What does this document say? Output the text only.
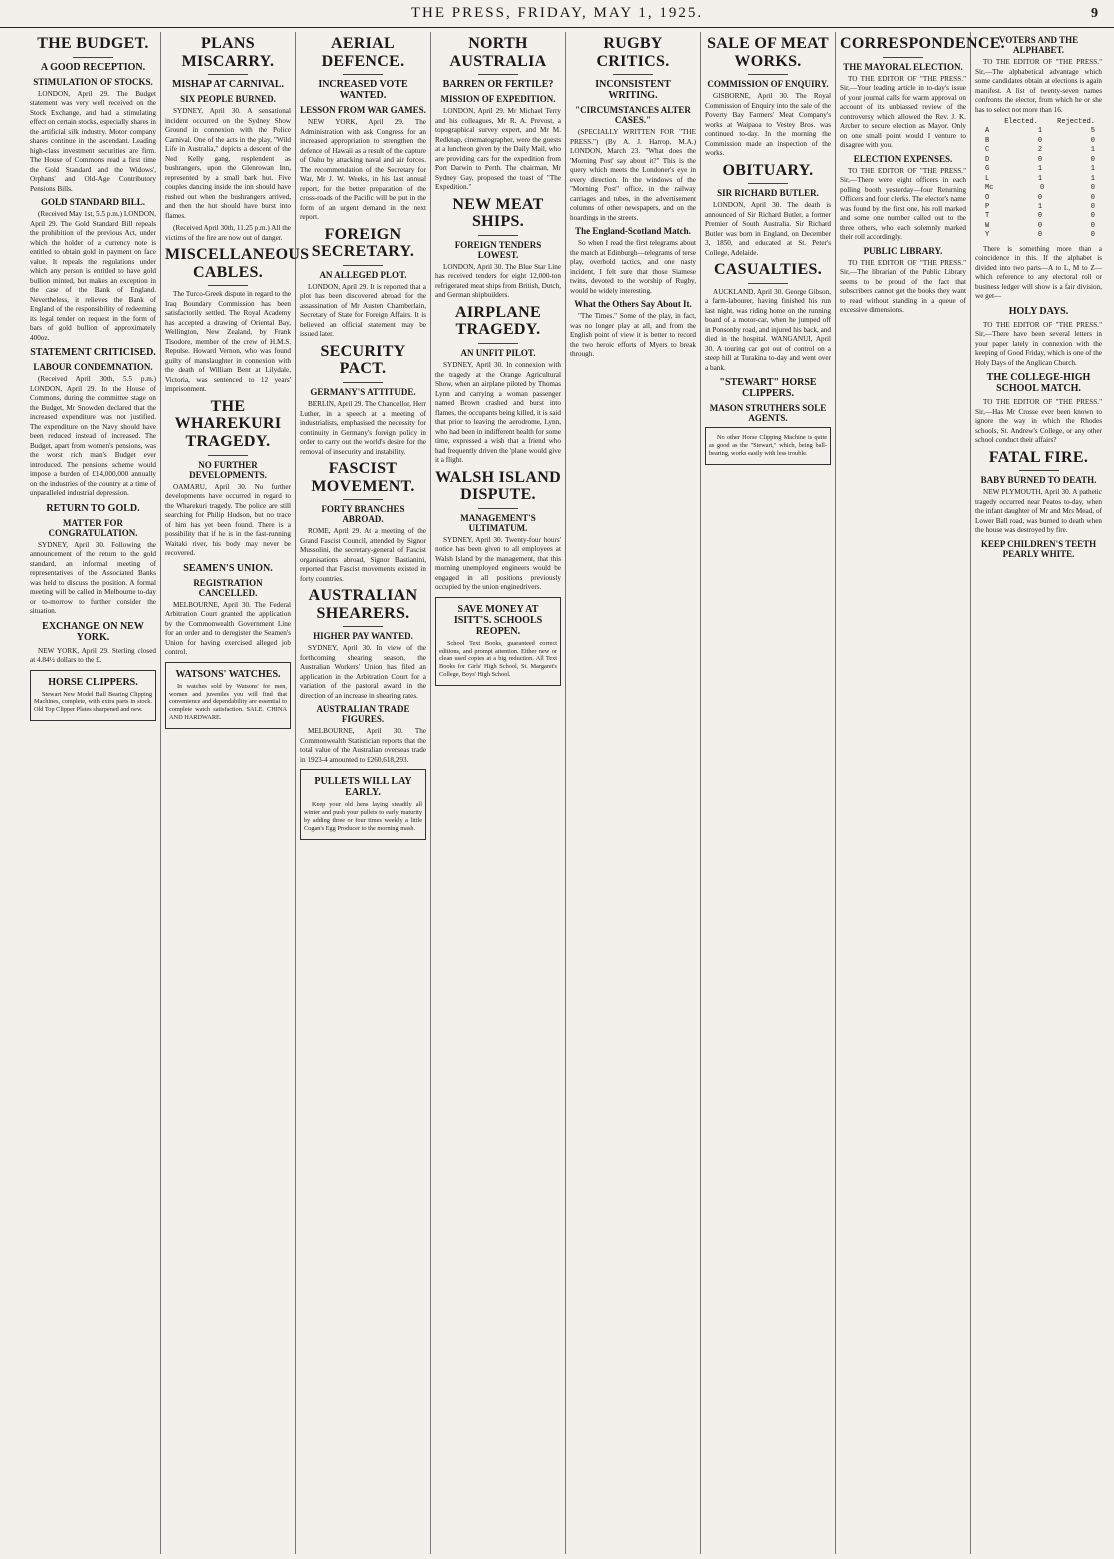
THE PRESS, FRIDAY, MAY 1, 1925.	9
THE BUDGET.
A GOOD RECEPTION.
STIMULATION OF STOCKS.

LONDON, April 29. The Budget statement was very well received on the Stock Exchange, and had a stimulating effect on certain stocks, especially shares in the artificial silk industry. Motor company shares continue in the ascendant. Leading high-class investment securities are firm. The House of Commons read a first time the Gold Standard and the Widows', Orphans' and Old-Age Contributory Pensions Bills.

GOLD STANDARD BILL.

(Received May 1st, 5.5 p.m.) LONDON, April 29. The Gold Standard Bill repeals the prohibition of the previous Act, under which the holder of a currency note is entitled to obtain gold in payment on face value. It repeals the regulations under which any person is entitled to have gold bullion minted, but makes an exception in the case of the Bank of England. Nevertheless, it relieves the Bank of England of the responsibility of redeeming its legal tender on request in the form of bars of gold bullion of approximately 400oz.

STATEMENT CRITICISED.
LABOUR CONDEMNATION.

(Received April 30th, 5.5 p.m.) LONDON, April 29. In the House of Commons, during the committee stage on the Budget, Mr Snowden declared that the increased expenditure was not justified. The expenditure on the Navy should have been reduced instead of increased. The Budget, apart from women's pensions, was the worst rich man's Budget ever introduced. The pensions scheme would impose a burden of £14,000,000 annually on the industries of the country at a time of unparalleled industrial depression.

RETURN TO GOLD.
MATTER FOR CONGRATULATION.

SYDNEY, April 30. Following the announcement of the return to the gold standard, an informal meeting of representatives of the Associated Banks was held to discuss the position. A formal meeting will be called in Melbourne to-day or to-morrow to further consider the situation.

EXCHANGE ON NEW YORK.

NEW YORK, April 29. Sterling closed at 4.84½ dollars to the £.

HORSE CLIPPERS.

Stewart New Model Ball Bearing Clipping Machines, complete, with extra parts in stock. Old Top Clipper Plates sharpened and new.

PLANS MISCARRY.
MISHAP AT CARNIVAL.
SIX PEOPLE BURNED.

SYDNEY, April 30. A sensational incident occurred on the Sydney Show Ground in connexion with the Police Carnival. One of the acts in the play, "Wild Life in Australia," depicts a descent of the Ned Kelly gang, resplendent as bushrangers, upon the Glenrowan Inn, represented by a small bark hut. Five couples dancing inside the inn should have rushed out when the bushrangers arrived, and then the hut should have burst into flames.

(Received April 30th, 11.25 p.m.) All the victims of the fire are now out of danger.

MISCELLANEOUS CABLES.

The Turco-Greek dispute in regard to the Iraq Boundary Commission has been satisfactorily settled. The Royal Academy has accepted a drawing of Oriental Bay, Wellington, New Zealand, by Frank Tisodore, member of the crew of H.M.S. Repulse. Howard Vernon, who was found guilty of manslaughter in connexion with the death of William Bent at Lilydale, Victoria, was sentenced to 12 years' imprisonment.

THE WHAREKURI TRAGEDY.
NO FURTHER DEVELOPMENTS.

OAMARU, April 30. No further developments have occurred in regard to the Wharekuri tragedy. The police are still searching for Philip Hudson, but no trace of him has yet been found. There is a possibility that if he is in the fast-running Waitaki river, his body may never be recovered.

SEAMEN'S UNION.
REGISTRATION CANCELLED.

MELBOURNE, April 30. The Federal Arbitration Court granted the application by the Commonwealth Government Line for an order and to deregister the Seamen's Union for having exercised alleged job control.

WATSONS' WATCHES.

In watches sold by Watsons' for men, women and juveniles you will find that convenience and dependability are essential to complete watch satisfaction. SALE. CHINA AND HARDWARE.

AERIAL DEFENCE.
INCREASED VOTE WANTED.
LESSON FROM WAR GAMES.

NEW YORK, April 29. The Administration with ask Congress for an increased appropriation to strengthen the defence of Hawaii as a result of the capture of Oahu by attacking naval and air forces. The recommendation of the Secretary for War, Mr J. W. Weeks, in his last annual report, for the better preparation of the cross-roads of the Pacific will be put in the form of an urgent demand in the next report.

FOREIGN SECRETARY.
AN ALLEGED PLOT.

LONDON, April 29. It is reported that a plot has been discovered abroad for the assassination of Mr Austen Chamberlain, Secretary of State for Foreign Affairs. It is believed an official statement may be issued later.

SECURITY PACT.
GERMANY'S ATTITUDE.

BERLIN, April 29. The Chancellor, Herr Luther, in a speech at a meeting of industrialists, emphasised the necessity for continuity in Germany's foreign policy in order to carry out the world's desire for the removal of insecurity and instability.

FASCIST MOVEMENT.
FORTY BRANCHES ABROAD.

ROME, April 29. At a meeting of the Grand Fascist Council, attended by Signor Mussolini, the secretary-general of Fascist organisations abroad, Signor Bastianini, reported that Fascist movements existed in forty countries.

AUSTRALIAN SHEARERS.
HIGHER PAY WANTED.

SYDNEY, April 30. In view of the forthcoming shearing season, the Australian Workers' Union has filed an application in the Arbitration Court for a variation of the pastoral award in the direction of an increase in shearing rates.

AUSTRALIAN TRADE FIGURES.

MELBOURNE, April 30. The Commonwealth Statistician reports that the total value of the Australian overseas trade in 1923-4 amounted to £260,618,293.

PULLETS WILL LAY EARLY.

Keep your old hens laying steadily all winter and push your pullets to early maturity by adding three or four times weekly a little Cogan's Egg Producer to the morning mash.

NORTH AUSTRALIA
BARREN OR FERTILE?
MISSION OF EXPEDITION.

LONDON, April 29. Mr Michael Terry and his colleagues, Mr R. A. Prevost, a topographical survey expert, and Mr M. Redknap, cinematographer, were the guests at a luncheon given by the Daily Mail, who are providing cars for the expedition from Port Darwin to Perth. The chairman, Mr Sydney Gay, proposed the toast of "The Expedition."

NEW MEAT SHIPS.
FOREIGN TENDERS LOWEST.

LONDON, April 30. The Blue Star Line has received tenders for eight 12,000-ton refrigerated meat ships from British, Dutch, and German shipbuilders.

AIRPLANE TRAGEDY.
AN UNFIT PILOT.

SYDNEY, April 30. In connexion with the tragedy at the Orange Agricultural Show, when an airplane piloted by Thomas Lynn and carrying a woman passenger named Brown crashed and burst into flames, the occupants being killed, it is said that prior to leaving the aerodrome, Lynn, who had been in indifferent health for some time, expressed a wish that a friend who had frequently driven the 'plane would give it a flight.

WALSH ISLAND DISPUTE.
MANAGEMENT'S ULTIMATUM.

SYDNEY, April 30. Twenty-four hours' notice has been given to all employees at Walsh Island by the management, that this morning unemployed engineers would be engaged in all positions previously occupied by the union enginedrivers.

SAVE MONEY AT ISITT'S. SCHOOLS REOPEN.

School Text Books, guaranteed correct editions, and prompt attention. Either new or clean used copies at a big reduction. All Text Books for Girls' High School, St. Margaret's College, Boys' High School.

RUGBY CRITICS.
INCONSISTENT WRITING.
"CIRCUMSTANCES ALTER CASES."

(SPECIALLY WRITTEN FOR "THE PRESS.") (By A. J. Harrop, M.A.) LONDON, March 23. "What does the 'Morning Post' say about it?" This is the query which meets the Londoner's eye in every direction. In the windows of the "Morning Post" office, in the railway carriages and tubes, in the advertisement columns of other newspapers, and on the hoardings in the streets.

The England-Scotland Match.

So when I read the first telegrams about the match at Edinburgh—telegrams of terse play, overbold tactics, and one nasty incident, I felt sure that those Siamese twins, devoted to the worship of Rugby, would be widely interesting.

What the Others Say About It.

"The Times." Some of the play, in fact, was no longer play at all, and from the English point of view it is better to record the two heroic efforts of Myers to break through.

SALE OF MEAT WORKS.
COMMISSION OF ENQUIRY.

GISBORNE, April 30. The Royal Commission of Enquiry into the sale of the Poverty Bay Farmers' Meat Company's works at Waipaoa to Vestey Bros. was continued to-day. In the morning the Commission made an inspection of the works.

OBITUARY.
SIR RICHARD BUTLER.

LONDON, April 30. The death is announced of Sir Richard Butler, a former Premier of South Australia. Sir Richard Butler was born in England, on December 3, 1850, and educated at St. Peter's College, Adelaide.

CASUALTIES.

AUCKLAND, April 30. George Gibson, a farm-labourer, having finished his run last night, was riding home on the running board of a motor-car, when he jumped off in Ponsonby road, and injured his back, and died in the hospital. WANGANUI, April 30. A touring car got out of control on a steep hill at Turakina to-day and went over a bank.

"STEWART" HORSE CLIPPERS.
MASON STRUTHERS SOLE AGENTS.

No other Horse Clipping Machine is quite as good as the "Stewart," which, being ball-bearing, works easily with less trouble.

CORRESPONDENCE.
THE MAYORAL ELECTION.

TO THE EDITOR OF "THE PRESS." Sir,—Your leading article in to-day's issue of your journal calls for warm approval on account of its unbiassed review of the controversy which allowed the Rev. J. K. Archer to secure election as Mayor. Only on one small point would I venture to disagree with you.

ELECTION EXPENSES.

TO THE EDITOR OF "THE PRESS." Sir,—There were eight officers in each polling booth yesterday—four Returning Officers and four clerks. The elector's name was found by the first one, his roll marked and some one number called out to the three others, who each solemnly marked their roll accordingly.

PUBLIC LIBRARY.

TO THE EDITOR OF "THE PRESS." Sir,—The librarian of the Public Library seems to be proud of the fact that subscribers cannot get the books they want to read without standing in a queue of excessive dimensions.

VOTERS AND THE ALPHABET.

TO THE EDITOR OF "THE PRESS." Sir,—The alphabetical advantage which some candidates obtain at elections is again manifest. A list of twenty-seven names confronts the elector, from which he or she has to select not more than 16.

Elected.	Rejected.
A	1	5
B	0	0
C	2	1
D	0	0
G	1	1
L	1	1
Mc	0	0
O	0	0
P	1	0
T	0	0
W	0	0
Y	0	0

There is something more than a coincidence in this. If the alphabet is divided into two parts—A to L, M to Z—which reference to any electoral roll or business ledger will show is a fair division, we get—

HOLY DAYS.

TO THE EDITOR OF "THE PRESS." Sir,—There have been several letters in your paper lately in connexion with the keeping of Good Friday, which is one of the Holy Days of the Anglican Church.

THE COLLEGE-HIGH SCHOOL MATCH.

TO THE EDITOR OF "THE PRESS." Sir,—Has Mr Crosse ever been known to ignore the way in which the Rhodes schools, St. Andrew's College, or any other school conduct their affairs?

FATAL FIRE.
BABY BURNED TO DEATH.

NEW PLYMOUTH, April 30. A pathetic tragedy occurred near Peatos to-day, when the infant daughter of Mr and Mrs Mead, of Lower Ball road, was burned to death when the house was destroyed by fire.

KEEP CHILDREN'S TEETH PEARLY WHITE.
